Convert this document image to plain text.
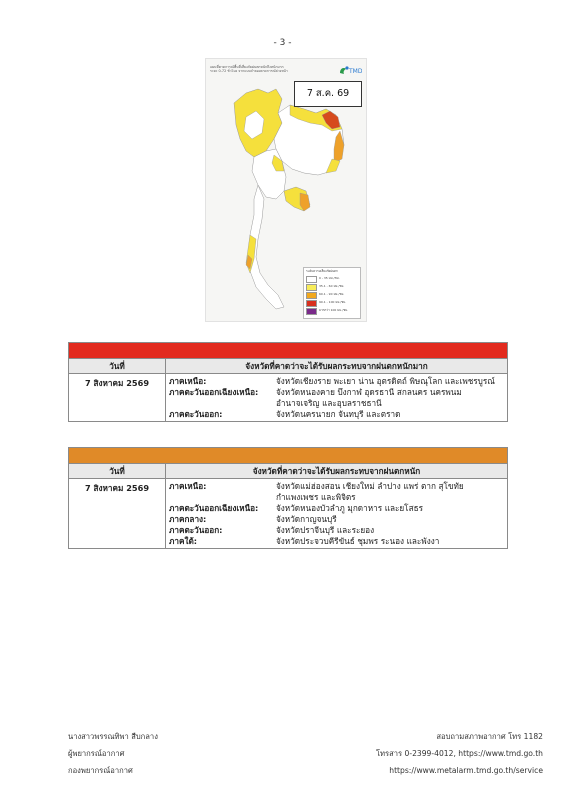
- 3 -
แผนที่คาดการณ์พื้นที่เสี่ยงภัยฝนตกหนักถึงหนักมาก
ระยะ 0-72 ชั่วโมง จากแบบจำลองคาดการณ์ล่วงหน้า	TMD
7 ส.ค. 69
ระดับความเสี่ยงภัยฝนตก
0 - 35 มม./ชม.
35.1 - 60 มม./ชม.
60.1 - 90 มม./ชม.
90.1 - 100 มม./ชม.
มากกว่า 100 มม./ชม.
วันที่	จังหวัดที่คาดว่าจะได้รับผลกระทบจากฝนตกหนักมาก
7 สิงหาคม 2569	ภาคเหนือ:	จังหวัดเชียงราย พะเยา น่าน อุตรดิตถ์ พิษณุโลก และเพชรบูรณ์
ภาคตะวันออกเฉียงเหนือ:	จังหวัดหนองคาย บึงกาฬ อุดรธานี สกลนคร นครพนม อำนาจเจริญ และอุบลราชธานี
ภาคตะวันออก:	จังหวัดนครนายก จันทบุรี และตราด
วันที่	จังหวัดที่คาดว่าจะได้รับผลกระทบจากฝนตกหนัก
7 สิงหาคม 2569	ภาคเหนือ:	จังหวัดแม่ฮ่องสอน เชียงใหม่ ลำปาง แพร่ ตาก สุโขทัย กำแพงเพชร และพิจิตร
ภาคตะวันออกเฉียงเหนือ:	จังหวัดหนองบัวลำภู มุกดาหาร และยโสธร
ภาคกลาง:	จังหวัดกาญจนบุรี
ภาคตะวันออก:	จังหวัดปราจีนบุรี และระยอง
ภาคใต้:	จังหวัดประจวบคีรีขันธ์ ชุมพร ระนอง และพังงา
นางสาวพรรณทิพา สืบกลาง
ผู้พยากรณ์อากาศ
กองพยากรณ์อากาศ
สอบถามสภาพอากาศ โทร 1182
โทรสาร 0-2399-4012, https://www.tmd.go.th
https://www.metalarm.tmd.go.th/service
